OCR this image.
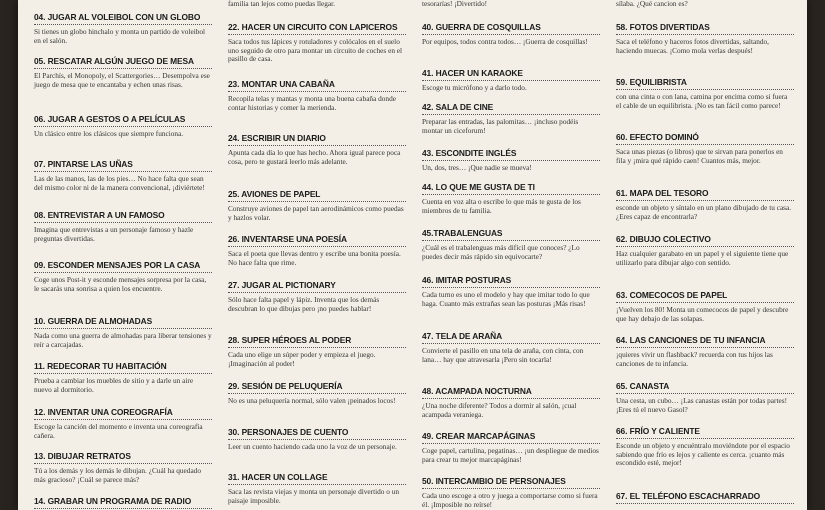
04. JUGAR AL VOLEIBOL CON UN GLOBO
Si tienes un globo hinchalo y monta un partido de voleibol en el salón.
05. RESCATAR ALGÚN JUEGO DE MESA
El Parchís, el Monopoly, el Scattergories… Desempolva ese juego de mesa que te encantaba y echen unas risas.
06. JUGAR A GESTOS O A PELÍCULAS
Un clásico entre los clásicos que siempre funciona.
07. PINTARSE LAS UÑAS
Las de las manos, las de los pies… No hace falta que sean del mismo color ni de la manera convencional, ¡diviértete!
08. ENTREVISTAR A UN FAMOSO
Imagina que entrevistas a un personaje famoso y hazle preguntas divertidas.
09. ESCONDER MENSAJES POR LA CASA
Coge unos Post-it y esconde mensajes sorpresa por la casa, le sacarás una sonrisa a quien los encuentre.
10. GUERRA DE ALMOHADAS
Nada como una guerra de almohadas para liberar tensiones y reír a carcajadas.
11. REDECORAR TU HABITACIÓN
Prueba a cambiar los muebles de sitio y a darle un aire nuevo al dormitorio.
12. INVENTAR UNA COREOGRAFÍA
Escoge la canción del momento e inventa una coreografía cañera.
13. DIBUJAR RETRATOS
Tú a los demás y los demás le dibujan. ¿Cuál ha quedado más gracioso? ¡Cuál se parece más?
14. GRABAR UN PROGRAMA DE RADIO
familia tan lejos como puedas llegar.
22. HACER UN CIRCUITO CON LAPICEROS
Saca todos tus lápices y rotuladores y colócalos en el suelo uno seguido de otro para montar un circuito de coches en el pasillo de casa.
23. MONTAR UNA CABAÑA
Recopila telas y mantas y monta una buena cabaña donde contar historias y comer la merienda.
24. ESCRIBIR UN DIARIO
Apunta cada día lo que has hecho. Ahora igual parece poca cosa, pero te gustará leerlo más adelante.
25. AVIONES DE PAPEL
Construye aviones de papel tan aerodinámicos como puedas y hazlos volar.
26. INVENTARSE UNA POESÍA
Saca el poeta que llevas dentro y escribe una bonita poesía. No hace falta que rime.
27. JUGAR AL PICTIONARY
Sólo hace falta papel y lápiz. Inventa que los demás descubran lo que dibujas pero ¡no puedes hablar!
28. SUPER HÉROES AL PODER
Cada uno elige un súper poder y empieza el juego. ¡Imaginación al poder!
29. SESIÓN DE PELUQUERÍA
No es una peluquería normal, sólo valen ¡peinados locos!
30. PERSONAJES DE CUENTO
Leer un cuento haciendo cada uno la voz de un personaje.
31. HACER UN COLLAGE
Saca las revista viejas y monta un personaje divertido o un paisaje imposible.
tesorarías! ¡Divertido!
40. GUERRA DE COSQUILLAS
Por equipos, todos contra todos… ¡Guerra de cosquillas!
41. HACER UN KARAOKE
Escoge tu micrófono y a darlo todo.
42. SALA DE CINE
Preparar las entradas, las palomitas… ¡incluso podéis montar un ciceforum!
43. ESCONDITE INGLÉS
Un, dos, tres… ¡Que nadie se mueva!
44. LO QUE ME GUSTA DE TI
Cuenta en voz alta o escribe lo que más te gusta de los miembros de tu familia.
45.TRABALENGUAS
¿Cuál es el trabalenguas más difícil que conoces? ¿Lo puedes decir más rápido sin equivocarte?
46. IMITAR POSTURAS
Cada turno es uno el modelo y hay que imitar todo lo que haga. Cuanto más extrañas sean las posturas ¡Más risas!
47. TELA DE ARAÑA
Convierte el pasillo en una tela de araña, con cinta, con lana… hay que atravesarla ¡Pero sin tocarla!
48. ACAMPADA NOCTURNA
¿Una noche diferente? Todos a dormir al salón, ¡cual acampada veraniega.
49. CREAR MARCAPÁGINAS
Coge papel, cartulina, pegatinas… ¡un despliegue de medios para crear tu mejor marcapáginas!
50. INTERCAMBIO DE PERSONAJES
Cada uno escoge a otro y juega a comportarse como si fuera él. ¡Imposible no reírse!
sílaba. ¿Qué cancion es?
58. FOTOS DIVERTIDAS
Saca el teléfono y haceros fotos divertidas, saltando, haciendo muecas. ¡Como mola verlas después!
59. EQUILIBRISTA
con una cinta o con lana, camina por encima como si fuera el cable de un equilibrista. ¡No es tan fácil como parece!
60. EFECTO DOMINÓ
Saca unas piezas (o libros) que te sirvan para ponerlos en fila y ¡mira qué rápido caen! Cuantos más, mejor.
61. MAPA DEL TESORO
esconde un objeto y síntalo en un plano dibujado de tu casa. ¿Eres capaz de encontrarla?
62. DIBUJO COLECTIVO
Haz cualquier garabato en un papel y el siguiente tiene que utilizarlo para dibujar algo con sentido.
63. COMECOCOS DE PAPEL
¡Vuelven los 80! Monta un comecocos de papel y descubre que hay debajo de las solapas.
64. LAS CANCIONES DE TU INFANCIA
¡quieres vivir un flashback? recuerda con tus hijos las canciones de tu infancia.
65. CANASTA
Una cesta, un cubo… ¡Las canastas están por todas partes! ¡Eres tú el nuevo Gasol?
66. FRÍO Y CALIENTE
Esconde un objeto y encuéntralo moviéndote por el espacio sabiendo que frío es lejos y caliente es cerca. ¡cuanto más escondido esté, mejor!
67. EL TELÉFONO ESCACHARRADO
